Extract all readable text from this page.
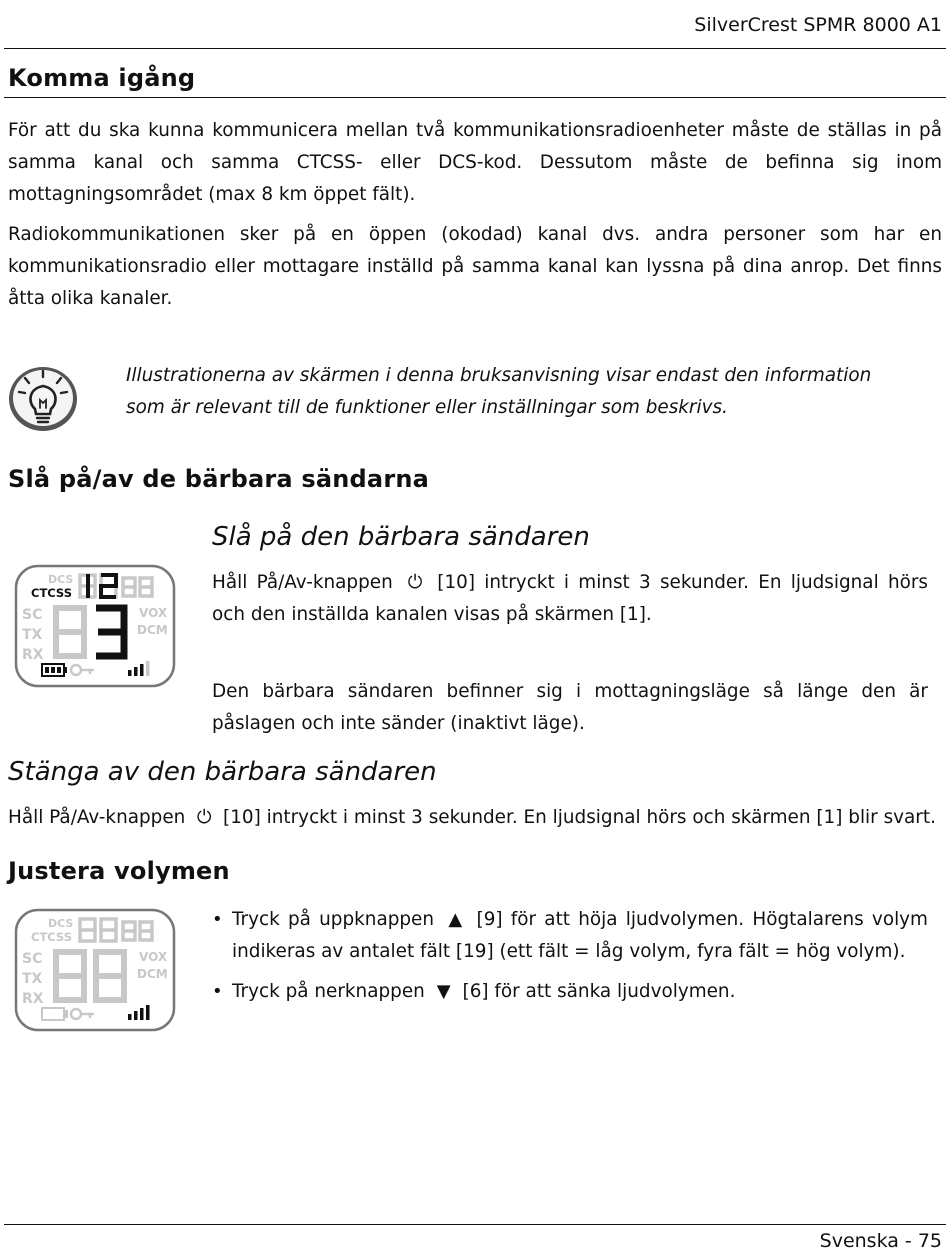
SilverCrest SPMR 8000 A1
Komma igång

För att du ska kunna kommunicera mellan två kommunikationsradioenheter måste de ställas in på samma kanal och samma CTCSS- eller DCS-kod. Dessutom måste de befinna sig inom mottagningsområdet (max 8 km öppet fält).

Radiokommunikationen sker på en öppen (okodad) kanal dvs. andra personer som har en kommunikationsradio eller mottagare inställd på samma kanal kan lyssna på dina anrop. Det finns åtta olika kanaler.

Illustrationerna av skärmen i denna bruksanvisning visar endast den information

som är relevant till de funktioner eller inställningar som beskrivs.

Slå på/av de bärbara sändarna
Slå på den bärbara sändaren
DCS
CTCSS
SC
TX
RX
VOX
DCM

Håll På/Av-knappen ⏻ [10] intryckt i minst 3 sekunder. En ljudsignal hörs och den inställda kanalen visas på skärmen [1].

Den bärbara sändaren befinner sig i mottagningsläge så länge den är påslagen och inte sänder (inaktivt läge).

Stänga av den bärbara sändaren

Håll På/Av-knappen ⏻ [10] intryckt i minst 3 sekunder. En ljudsignal hörs och skärmen [1] blir svart.

Justera volymen
DCS
CTCSS
SC
TX
RX
VOX
DCM
• Tryck på uppknappen ▲ [9] för att höja ljudvolymen. Högtalarens volym indikeras av antalet fält [19] (ett fält = låg volym, fyra fält = hög volym).
• Tryck på nerknappen ▼ [6] för att sänka ljudvolymen.
Svenska - 75
